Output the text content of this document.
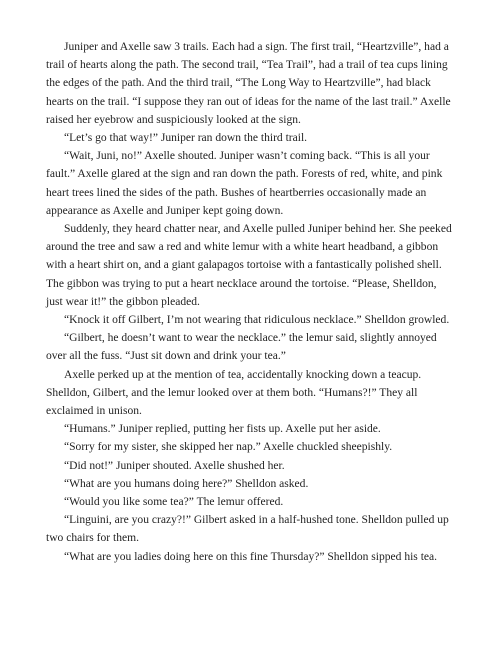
Juniper and Axelle saw 3 trails. Each had a sign. The first trail, “Heartzville”, had a trail of hearts along the path. The second trail, “Tea Trail”, had a trail of tea cups lining the edges of the path. And the third trail, “The Long Way to Heartzville”, had black hearts on the trail. “I suppose they ran out of ideas for the name of the last trail.” Axelle raised her eyebrow and suspiciously looked at the sign.

“Let’s go that way!” Juniper ran down the third trail.

“Wait, Juni, no!” Axelle shouted. Juniper wasn’t coming back. “This is all your fault.” Axelle glared at the sign and ran down the path. Forests of red, white, and pink heart trees lined the sides of the path. Bushes of heartberries occasionally made an appearance as Axelle and Juniper kept going down.

Suddenly, they heard chatter near, and Axelle pulled Juniper behind her. She peeked around the tree and saw a red and white lemur with a white heart headband, a gibbon with a heart shirt on, and a giant galapagos tortoise with a fantastically polished shell. The gibbon was trying to put a heart necklace around the tortoise. “Please, Shelldon, just wear it!” the gibbon pleaded.

“Knock it off Gilbert, I’m not wearing that ridiculous necklace.” Shelldon growled.

“Gilbert, he doesn’t want to wear the necklace.” the lemur said, slightly annoyed over all the fuss. “Just sit down and drink your tea.”

Axelle perked up at the mention of tea, accidentally knocking down a teacup. Shelldon, Gilbert, and the lemur looked over at them both. “Humans?!” They all exclaimed in unison.

“Humans.” Juniper replied, putting her fists up. Axelle put her aside.

“Sorry for my sister, she skipped her nap.” Axelle chuckled sheepishly.

“Did not!” Juniper shouted. Axelle shushed her.

“What are you humans doing here?” Shelldon asked.

“Would you like some tea?” The lemur offered.

“Linguini, are you crazy?!” Gilbert asked in a half-hushed tone. Shelldon pulled up two chairs for them.

“What are you ladies doing here on this fine Thursday?” Shelldon sipped his tea.
